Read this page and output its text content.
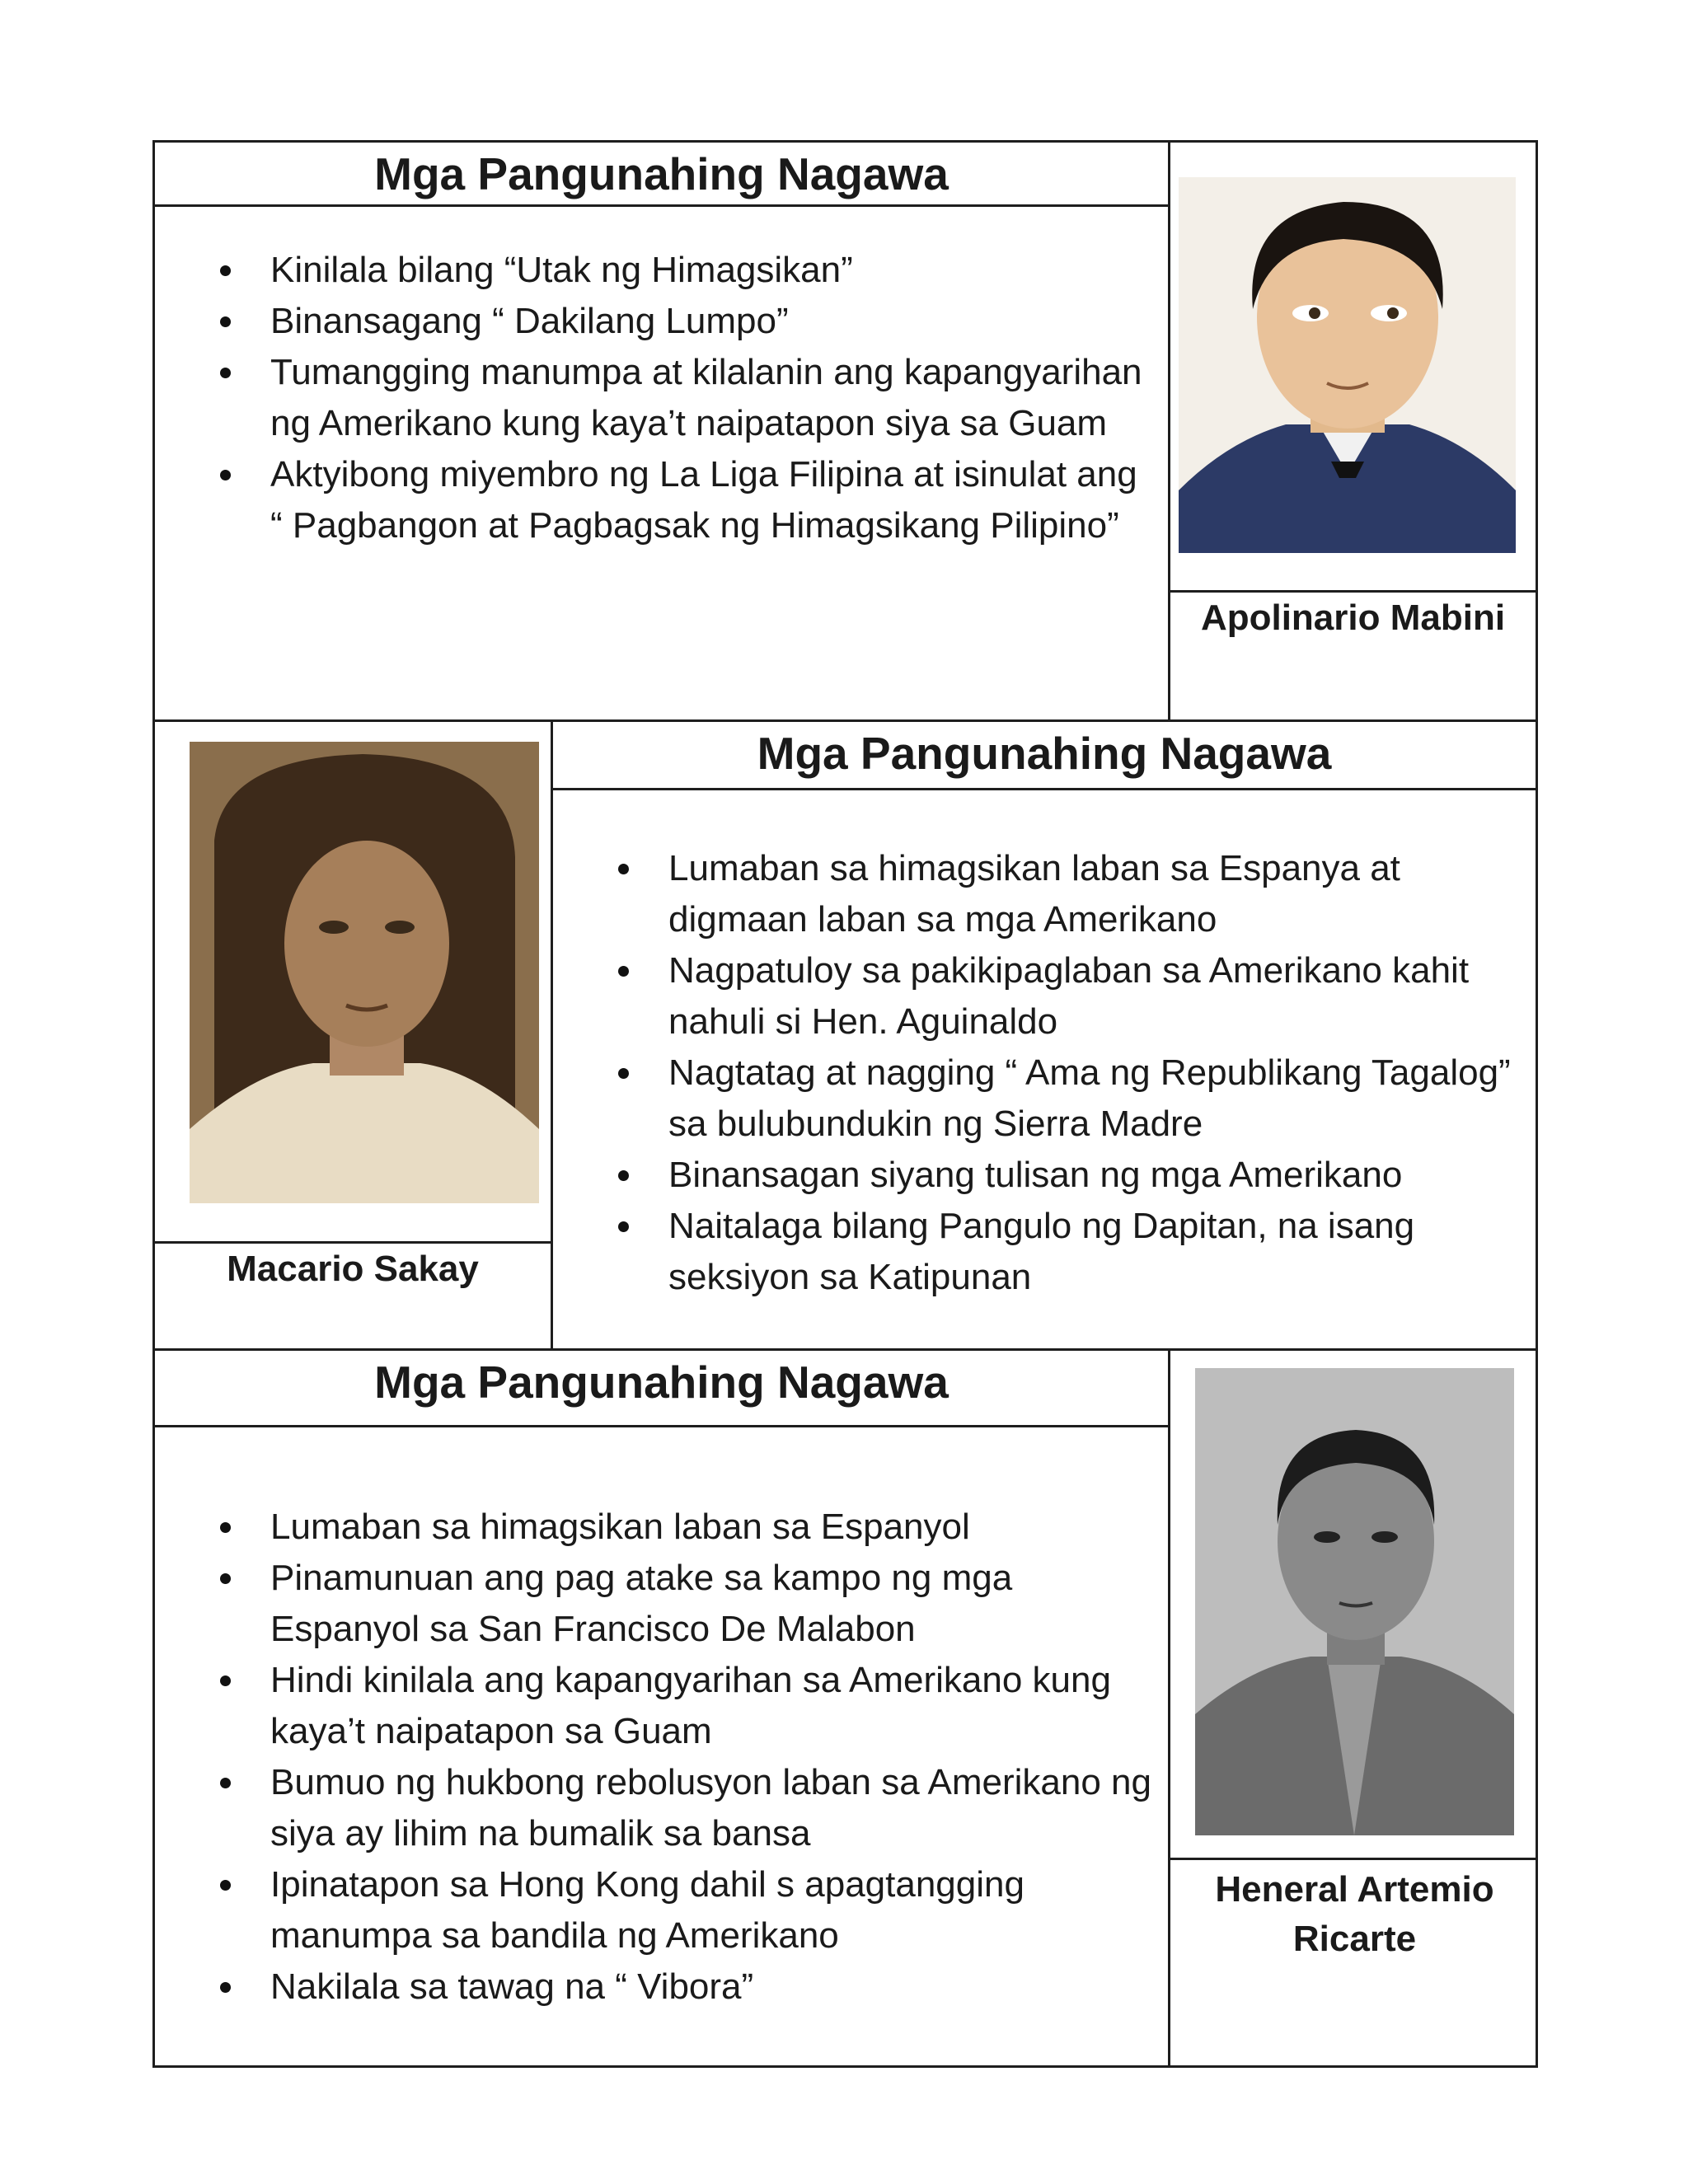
Mga Pangunahing Nagawa
Kinilala bilang “Utak ng Himagsikan”
Binansagang “ Dakilang Lumpo”
Tumangging manumpa at kilalanin ang kapangyarihan ng Amerikano kung kaya’t naipatapon siya sa Guam
Aktyibong miyembro ng La Liga Filipina at isinulat ang “ Pagbangon at Pagbagsak ng Himagsikang Pilipino”
Apolinario Mabini
Macario Sakay
Mga Pangunahing Nagawa
Lumaban sa himagsikan laban sa Espanya at digmaan laban sa mga Amerikano
Nagpatuloy sa pakikipaglaban sa Amerikano kahit nahuli si Hen. Aguinaldo
Nagtatag at nagging “ Ama ng Republikang Tagalog” sa bulubundukin ng Sierra Madre
Binansagan siyang tulisan ng mga Amerikano
Naitalaga bilang Pangulo ng Dapitan, na isang seksiyon sa Katipunan
Mga Pangunahing Nagawa
Lumaban sa himagsikan laban sa Espanyol
Pinamunuan ang pag atake sa kampo ng mga Espanyol sa San Francisco De Malabon
Hindi kinilala ang kapangyarihan sa Amerikano kung kaya’t naipatapon sa Guam
Bumuo ng hukbong rebolusyon laban sa Amerikano ng siya ay lihim na bumalik sa bansa
Ipinatapon sa Hong Kong dahil s apagtangging manumpa sa bandila ng Amerikano
Nakilala sa tawag na “ Vibora”
Heneral Artemio Ricarte
